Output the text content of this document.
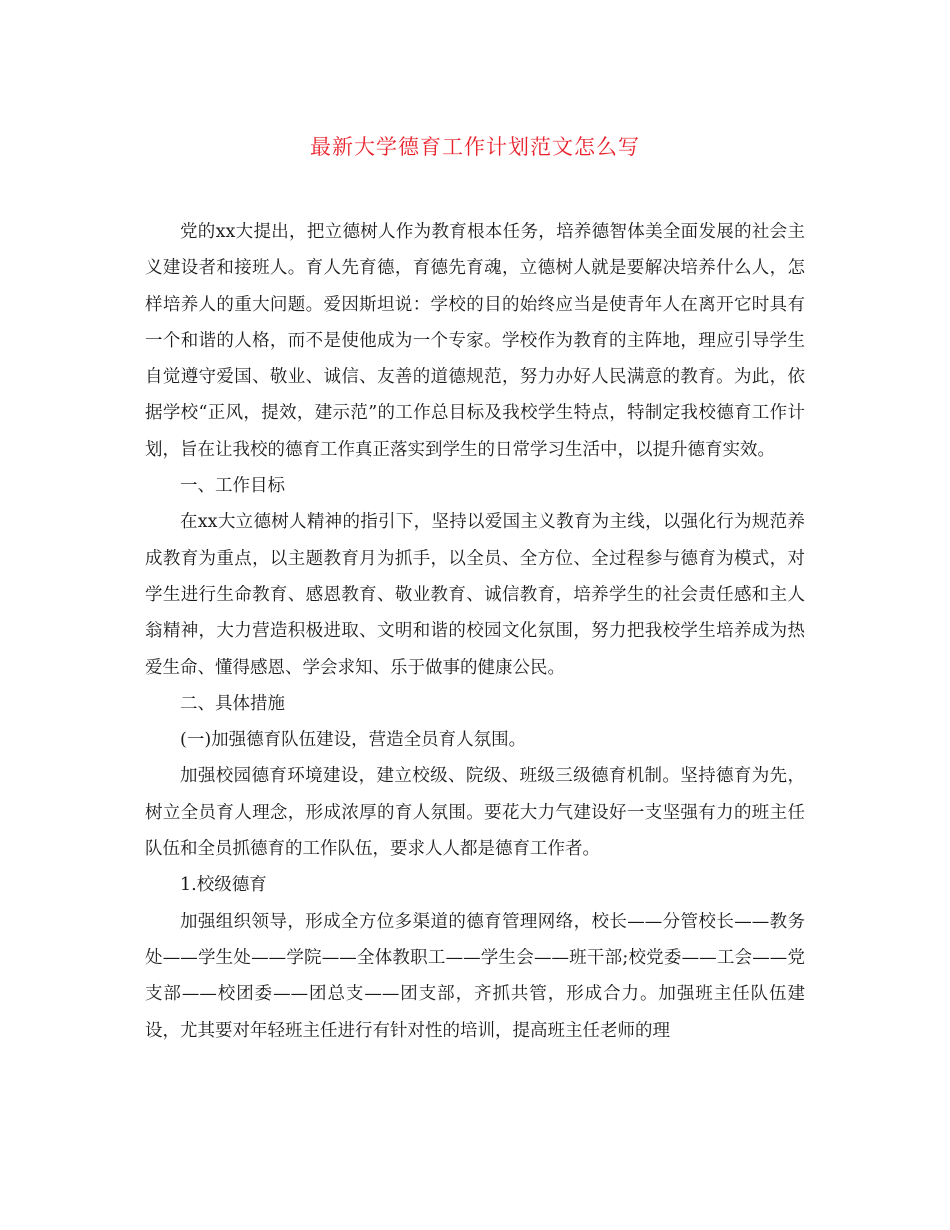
最新大学德育工作计划范文怎么写

党的xx大提出，把立德树人作为教育根本任务，培养德智体美全面发展的社会主义建设者和接班人。育人先育德，育德先育魂，立德树人就是要解决培养什么人，怎样培养人的重大问题。爱因斯坦说：学校的目的始终应当是使青年人在离开它时具有一个和谐的人格，而不是使他成为一个专家。学校作为教育的主阵地，理应引导学生自觉遵守爱国、敬业、诚信、友善的道德规范，努力办好人民满意的教育。为此，依据学校“正风，提效，建示范”的工作总目标及我校学生特点，特制定我校德育工作计划，旨在让我校的德育工作真正落实到学生的日常学习生活中，以提升德育实效。

一、工作目标

在xx大立德树人精神的指引下，坚持以爱国主义教育为主线，以强化行为规范养成教育为重点，以主题教育月为抓手，以全员、全方位、全过程参与德育为模式，对学生进行生命教育、感恩教育、敬业教育、诚信教育，培养学生的社会责任感和主人翁精神，大力营造积极进取、文明和谐的校园文化氛围，努力把我校学生培养成为热爱生命、懂得感恩、学会求知、乐于做事的健康公民。

二、具体措施

(一)加强德育队伍建设，营造全员育人氛围。

加强校园德育环境建设，建立校级、院级、班级三级德育机制。坚持德育为先，树立全员育人理念，形成浓厚的育人氛围。要花大力气建设好一支坚强有力的班主任队伍和全员抓德育的工作队伍，要求人人都是德育工作者。

1.校级德育

加强组织领导，形成全方位多渠道的德育管理网络，校长——分管校长——教务处——学生处——学院——全体教职工——学生会——班干部;校党委——工会——党支部——校团委——团总支——团支部，齐抓共管，形成合力。加强班主任队伍建设，尤其要对年轻班主任进行有针对性的培训，提高班主任老师的理
